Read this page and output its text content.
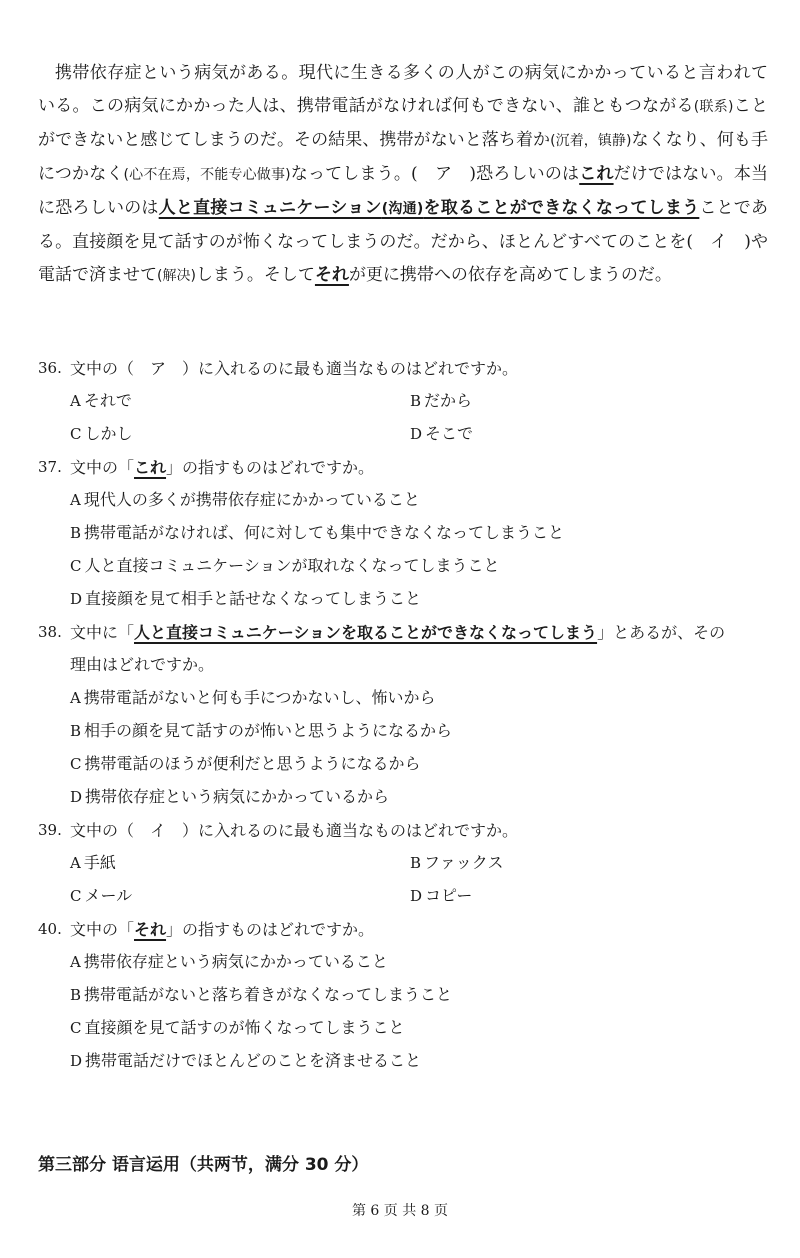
携帯依存症という病気がある。現代に生きる多くの人がこの病気にかかっていると言われている。この病気にかかった人は、携帯電話がなければ何もできない、誰ともつながる(联系)ことができないと感じてしまうのだ。その結果、携帯がないと落ち着か(沉着，镇静)なくなり、何も手につかなく(心不在焉，不能专心做事)なってしまう。(　ア　)恐ろしいのはこれだけではない。本当に恐ろしいのは人と直接コミュニケーション(沟通)を取ることができなくなってしまうことである。直接顔を見て話すのが怖くなってしまうのだ。だから、ほとんどすべてのことを(　イ　)や電話で済ませて(解决)しまう。そしてそれが更に携帯への依存を高めてしまうのだ。

36. 文中の（　ア　）に入れるのに最も適当なものはどれですか。
A それで	B だから
C しかし	D そこで
37. 文中の「これ」の指すものはどれですか。
A 現代人の多くが携帯依存症にかかっていること
B 携帯電話がなければ、何に対しても集中できなくなってしまうこと
C 人と直接コミュニケーションが取れなくなってしまうこと
D 直接顔を見て相手と話せなくなってしまうこと
38. 文中に「人と直接コミュニケーションを取ることができなくなってしまう」とあるが、その
理由はどれですか。
A 携帯電話がないと何も手につかないし、怖いから
B 相手の顔を見て話すのが怖いと思うようになるから
C 携帯電話のほうが便利だと思うようになるから
D 携帯依存症という病気にかかっているから
39. 文中の（　イ　）に入れるのに最も適当なものはどれですか。
A 手紙	B ファックス
C メール	D コピー
40. 文中の「それ」の指すものはどれですか。
A 携帯依存症という病気にかかっていること
B 携帯電話がないと落ち着きがなくなってしまうこと
C 直接顔を見て話すのが怖くなってしまうこと
D 携帯電話だけでほとんどのことを済ませること
第三部分 语言运用（共两节，满分 30 分）
第 6 页 共 8 页
